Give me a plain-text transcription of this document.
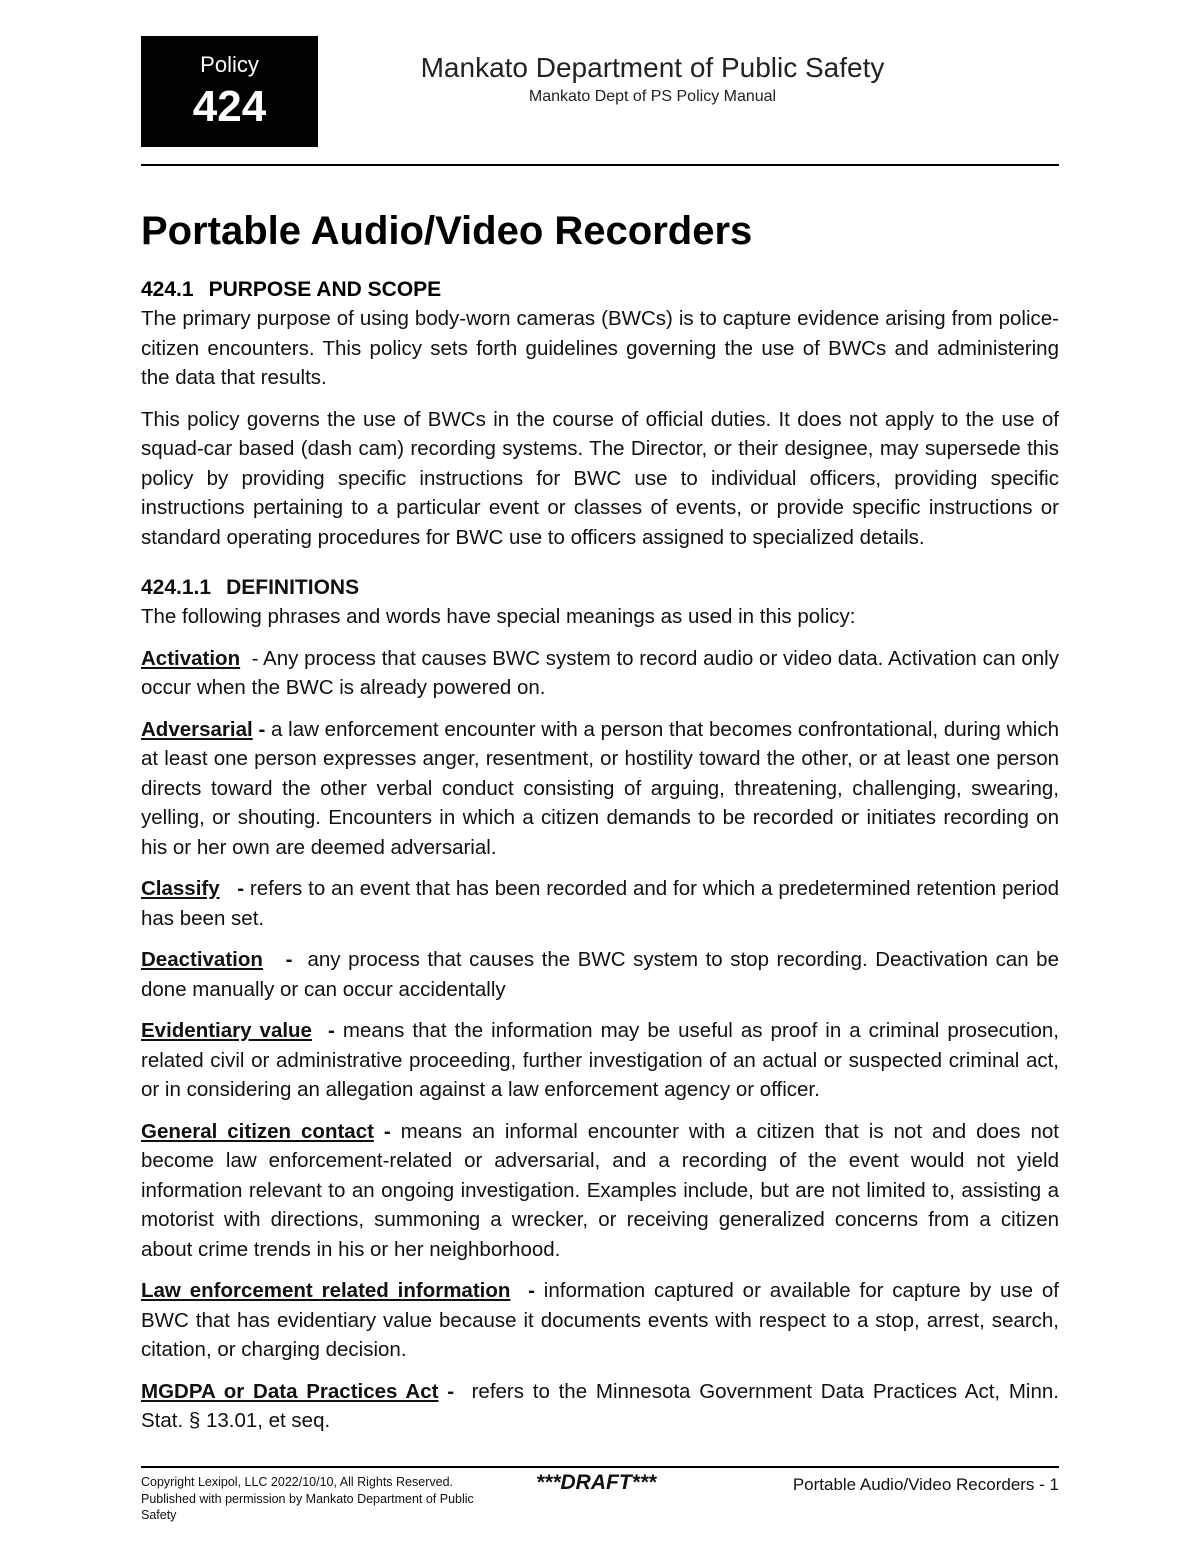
Policy
424
Mankato Department of Public Safety
Mankato Dept of PS Policy Manual
Portable Audio/Video Recorders
424.1 PURPOSE AND SCOPE

The primary purpose of using body-worn cameras (BWCs) is to capture evidence arising from police-citizen encounters. This policy sets forth guidelines governing the use of BWCs and administering the data that results.

This policy governs the use of BWCs in the course of official duties. It does not apply to the use of squad-car based (dash cam) recording systems. The Director, or their designee, may supersede this policy by providing specific instructions for BWC use to individual officers, providing specific instructions pertaining to a particular event or classes of events, or provide specific instructions or standard operating procedures for BWC use to officers assigned to specialized details.

424.1.1 DEFINITIONS

The following phrases and words have special meanings as used in this policy:

Activation - Any process that causes BWC system to record audio or video data. Activation can only occur when the BWC is already powered on.

Adversarial - a law enforcement encounter with a person that becomes confrontational, during which at least one person expresses anger, resentment, or hostility toward the other, or at least one person directs toward the other verbal conduct consisting of arguing, threatening, challenging, swearing, yelling, or shouting. Encounters in which a citizen demands to be recorded or initiates recording on his or her own are deemed adversarial.

Classify - refers to an event that has been recorded and for which a predetermined retention period has been set.

Deactivation - any process that causes the BWC system to stop recording. Deactivation can be done manually or can occur accidentally

Evidentiary value - means that the information may be useful as proof in a criminal prosecution, related civil or administrative proceeding, further investigation of an actual or suspected criminal act, or in considering an allegation against a law enforcement agency or officer.

General citizen contact - means an informal encounter with a citizen that is not and does not become law enforcement-related or adversarial, and a recording of the event would not yield information relevant to an ongoing investigation. Examples include, but are not limited to, assisting a motorist with directions, summoning a wrecker, or receiving generalized concerns from a citizen about crime trends in his or her neighborhood.

Law enforcement related information - information captured or available for capture by use of BWC that has evidentiary value because it documents events with respect to a stop, arrest, search, citation, or charging decision.

MGDPA or Data Practices Act - refers to the Minnesota Government Data Practices Act, Minn. Stat. § 13.01, et seq.

Copyright Lexipol, LLC 2022/10/10, All Rights Reserved.
Published with permission by Mankato Department of Public Safety
***DRAFT***	Portable Audio/Video Recorders - 1
